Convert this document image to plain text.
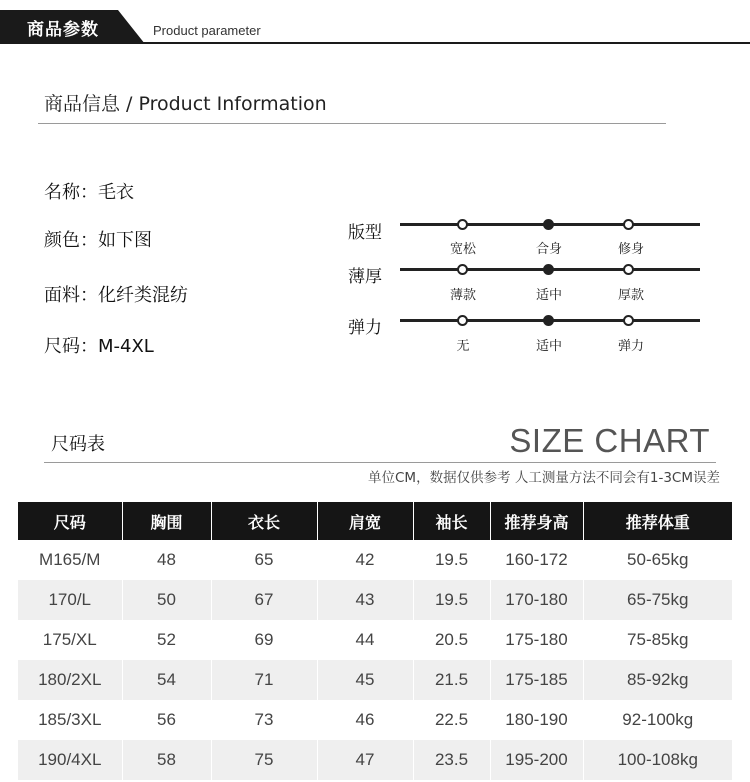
商品参数	Product parameter
商品信息 / Product Information
名称：毛衣
颜色：如下图
面料：化纤类混纺
尺码：M-4XL
版型
宽松	合身	修身
薄厚
薄款	适中	厚款
弹力
无	适中	弹力
尺码表	SIZE CHART
单位CM，数据仅供参考 人工测量方法不同会有1-3CM误差
尺码	胸围	衣长	肩宽	袖长	推荐身高	推荐体重
M165/M	48	65	42	19.5	160-172	50-65kg
170/L	50	67	43	19.5	170-180	65-75kg
175/XL	52	69	44	20.5	175-180	75-85kg
180/2XL	54	71	45	21.5	175-185	85-92kg
185/3XL	56	73	46	22.5	180-190	92-100kg
190/4XL	58	75	47	23.5	195-200	100-108kg
